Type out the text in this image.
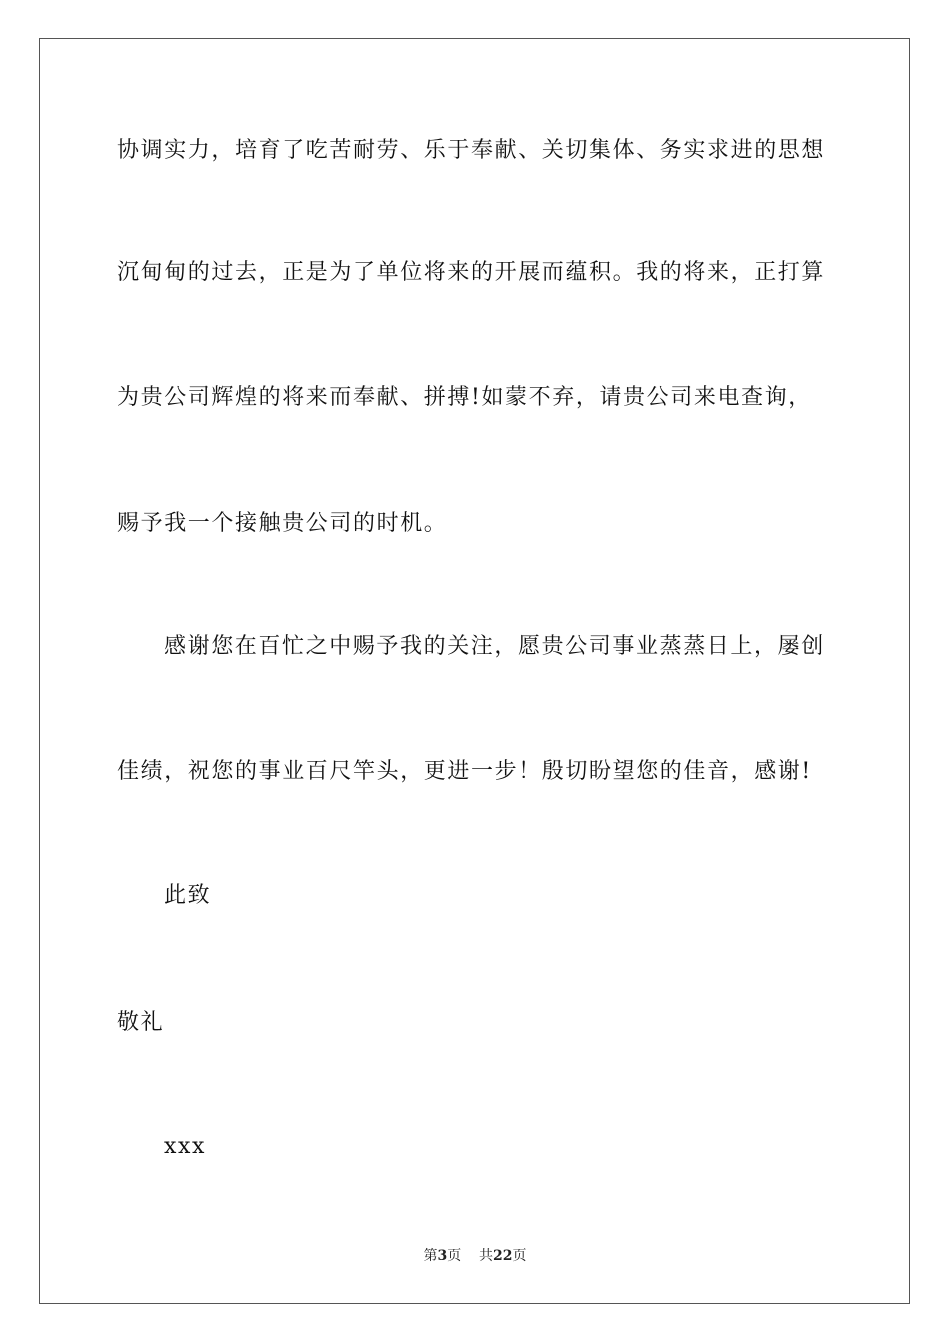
协调实力，培育了吃苦耐劳、乐于奉献、关切集体、务实求进的思想
沉甸甸的过去，正是为了单位将来的开展而蕴积。我的将来，正打算
为贵公司辉煌的将来而奉献、拼搏!如蒙不弃，请贵公司来电查询，
赐予我一个接触贵公司的时机。
感谢您在百忙之中赐予我的关注，愿贵公司事业蒸蒸日上，屡创
佳绩，祝您的事业百尺竿头，更进一步！殷切盼望您的佳音，感谢!
此致
敬礼
xxx
第3页 共22页
